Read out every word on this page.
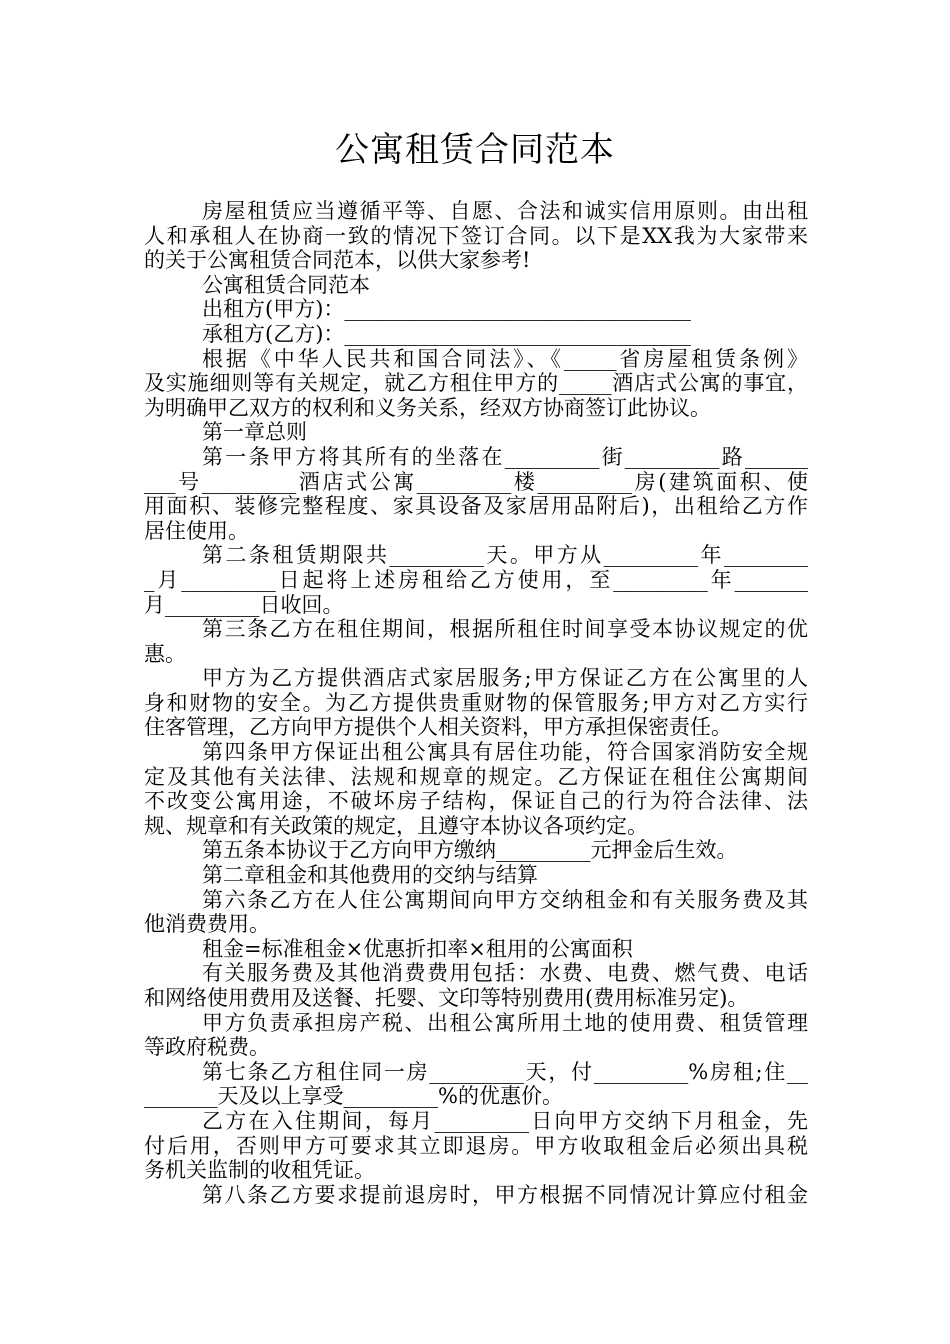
公寓租赁合同范本
房屋租赁应当遵循平等、自愿、合法和诚实信用原则。由出租
人和承租人在协商一致的情况下签订合同。以下是XX我为大家带来
的关于公寓租赁合同范本，以供大家参考!
公寓租赁合同范本
出租方(甲方)：_________________________________
承租方(乙方)：_________________________________
根据《中华人民共和国合同法》、《_____省房屋租赁条例》
及实施细则等有关规定，就乙方租住甲方的_____酒店式公寓的事宜，
为明确甲乙双方的权利和义务关系，经双方协商签订此协议。
第一章总则
第一条甲方将其所有的坐落在_________街_________路______
___号_________酒店式公寓_________楼_________房(建筑面积、使
用面积、装修完整程度、家具设备及家居用品附后)，出租给乙方作
居住使用。
第二条租赁期限共_________天。甲方从_________年________
_月_________日起将上述房租给乙方使用，至_________年_______
月_________日收回。
第三条乙方在租住期间，根据所租住时间享受本协议规定的优
惠。
甲方为乙方提供酒店式家居服务;甲方保证乙方在公寓里的人
身和财物的安全。为乙方提供贵重财物的保管服务;甲方对乙方实行
住客管理，乙方向甲方提供个人相关资料，甲方承担保密责任。
第四条甲方保证出租公寓具有居住功能，符合国家消防安全规
定及其他有关法律、法规和规章的规定。乙方保证在租住公寓期间
不改变公寓用途，不破坏房子结构，保证自己的行为符合法律、法
规、规章和有关政策的规定，且遵守本协议各项约定。
第五条本协议于乙方向甲方缴纳_________元押金后生效。
第二章租金和其他费用的交纳与结算
第六条乙方在人住公寓期间向甲方交纳租金和有关服务费及其
他消费费用。
租金=标准租金×优惠折扣率×租用的公寓面积
有关服务费及其他消费费用包括：水费、电费、燃气费、电话
和网络使用费用及送餐、托婴、文印等特别费用(费用标准另定)。
甲方负责承担房产税、出租公寓所用土地的使用费、租赁管理
等政府税费。
第七条乙方租住同一房_________天，付_________%房租;住__
_______天及以上享受_________%的优惠价。
乙方在入住期间，每月_________日向甲方交纳下月租金，先
付后用，否则甲方可要求其立即退房。甲方收取租金后必须出具税
务机关监制的收租凭证。
第八条乙方要求提前退房时，甲方根据不同情况计算应付租金
